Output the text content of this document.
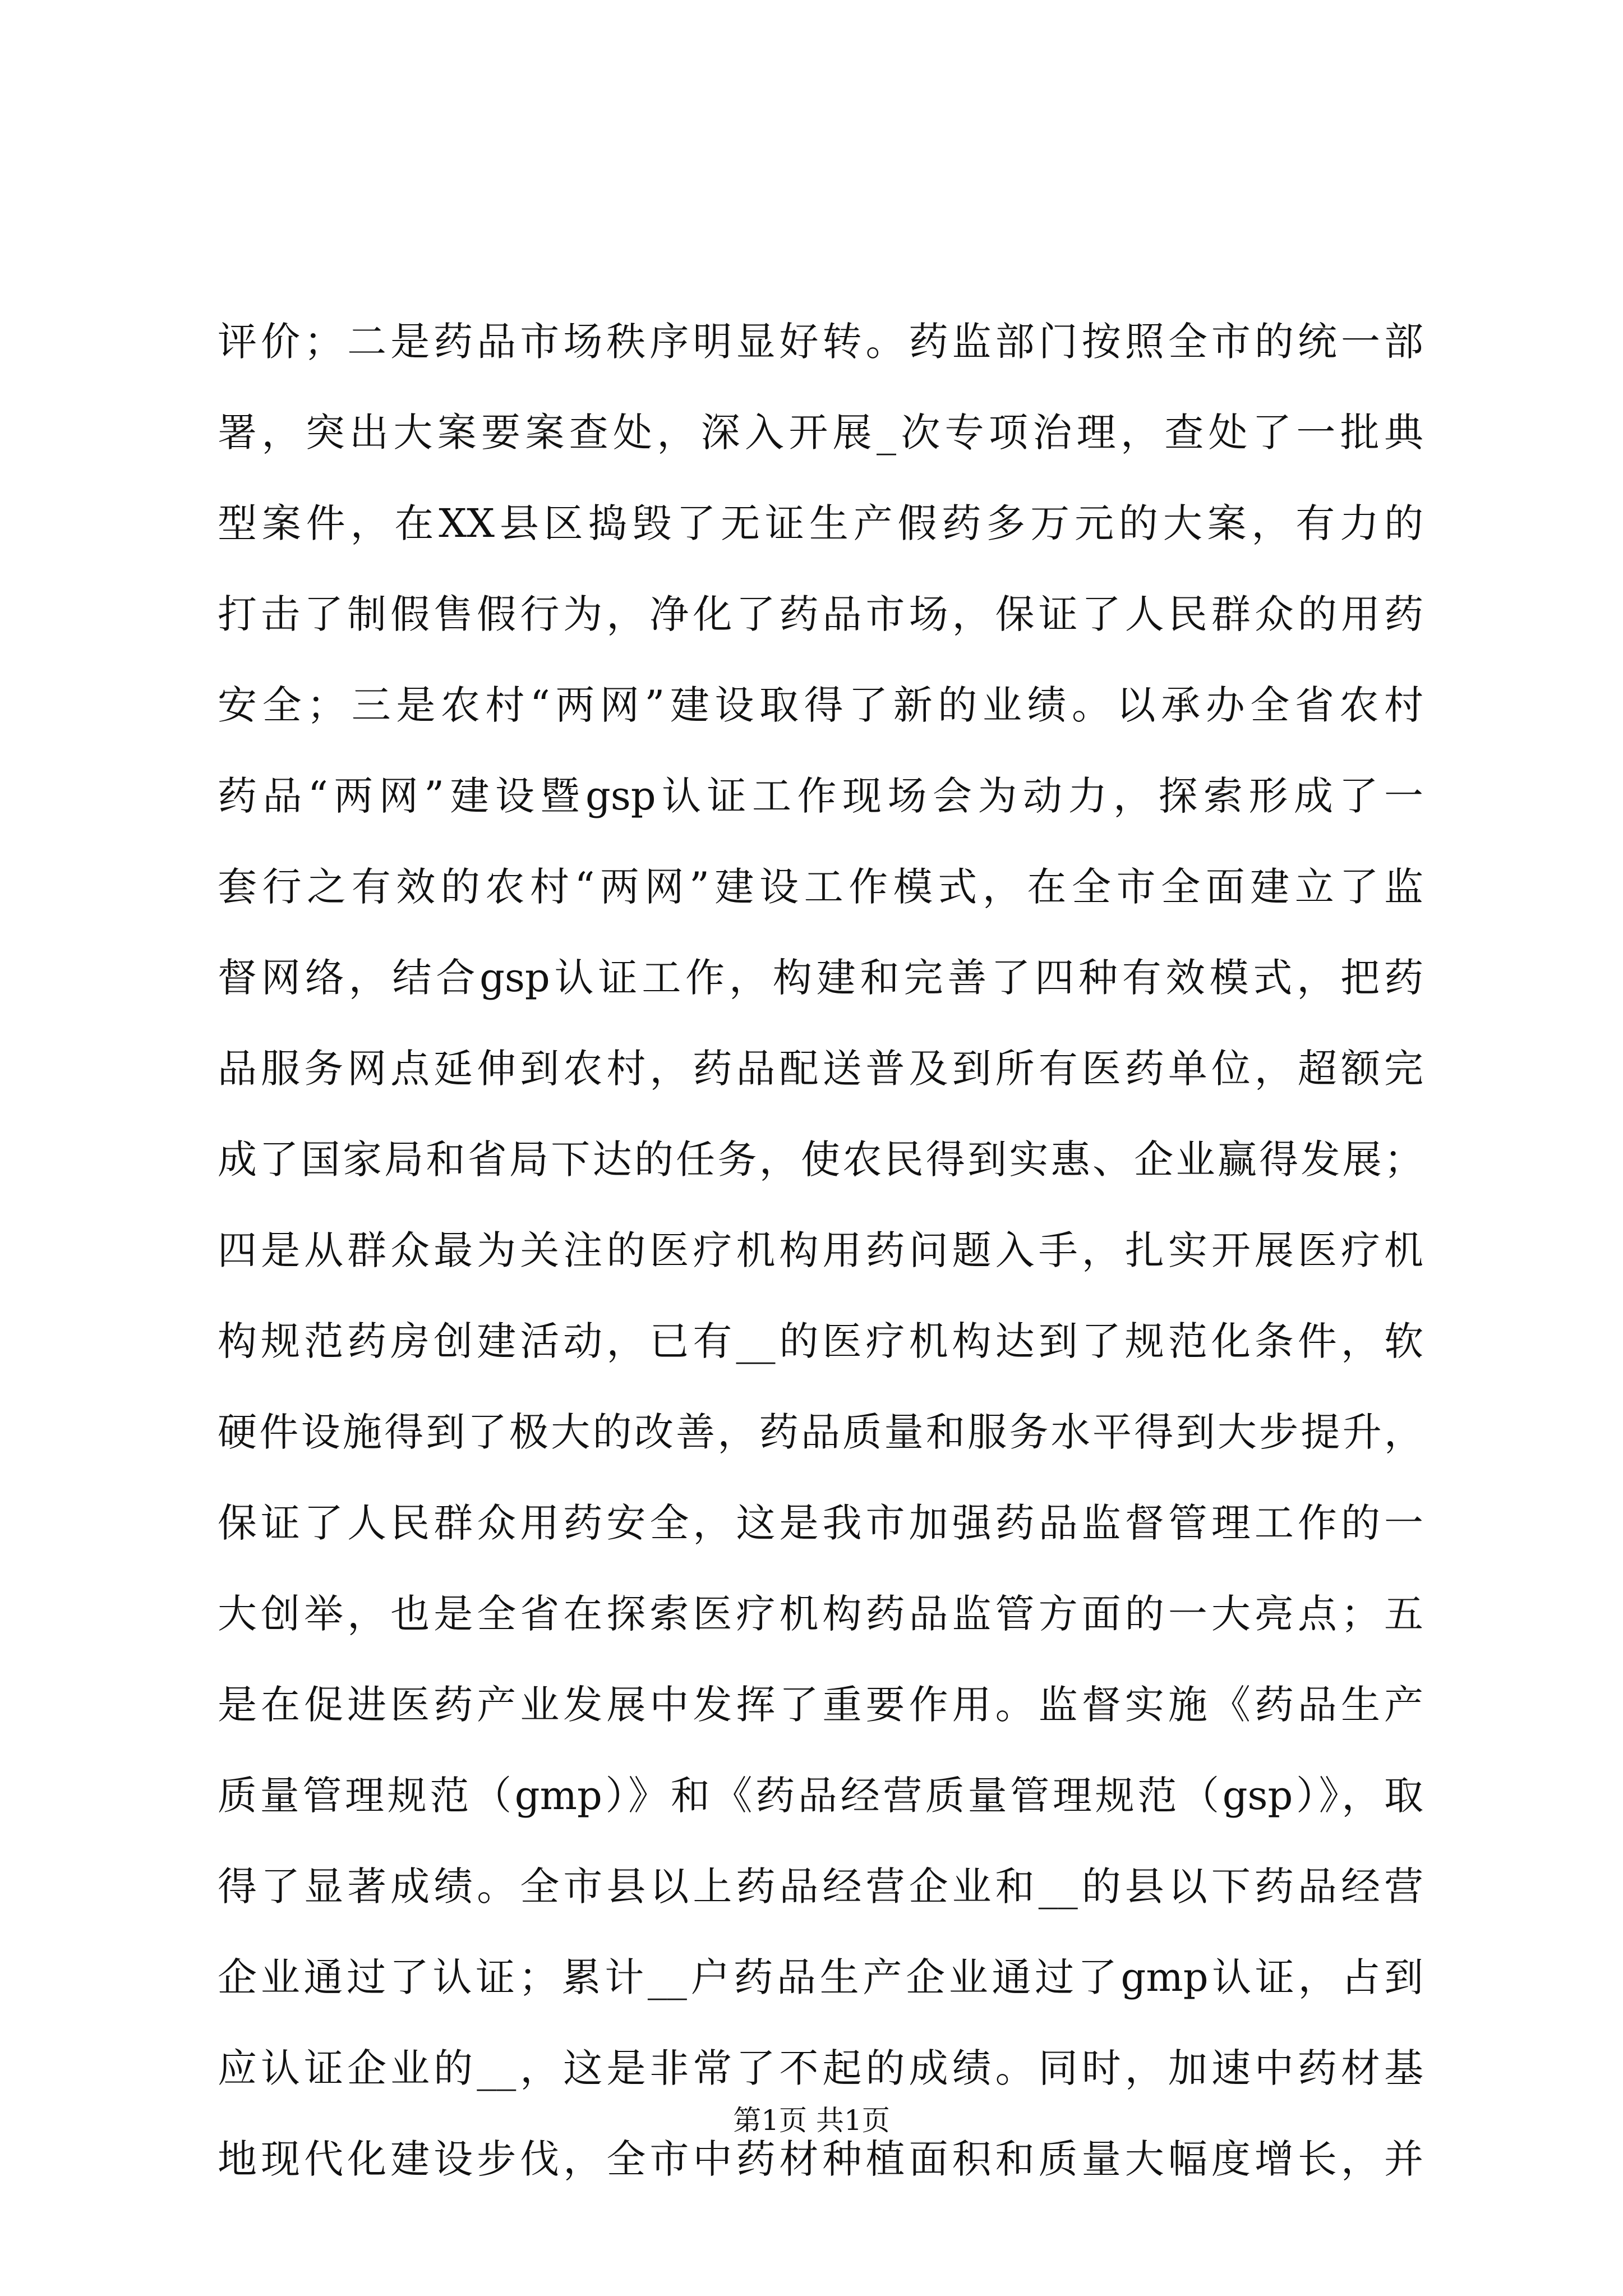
评价；二是药品市场秩序明显好转。药监部门按照全市的统一部
署，突出大案要案查处，深入开展_次专项治理，查处了一批典
型案件，在XX县区捣毁了无证生产假药多万元的大案，有力的
打击了制假售假行为，净化了药品市场，保证了人民群众的用药
安全；三是农村“两网”建设取得了新的业绩。以承办全省农村
药品“两网”建设暨gsp认证工作现场会为动力，探索形成了一
套行之有效的农村“两网”建设工作模式，在全市全面建立了监
督网络，结合gsp认证工作，构建和完善了四种有效模式，把药
品服务网点延伸到农村，药品配送普及到所有医药单位，超额完
成了国家局和省局下达的任务，使农民得到实惠、企业赢得发展；
四是从群众最为关注的医疗机构用药问题入手，扎实开展医疗机
构规范药房创建活动，已有__的医疗机构达到了规范化条件，软
硬件设施得到了极大的改善，药品质量和服务水平得到大步提升，
保证了人民群众用药安全，这是我市加强药品监督管理工作的一
大创举，也是全省在探索医疗机构药品监管方面的一大亮点；五
是在促进医药产业发展中发挥了重要作用。监督实施《药品生产
质量管理规范（gmp）》和《药品经营质量管理规范（gsp）》，取
得了显著成绩。全市县以上药品经营企业和__的县以下药品经营
企业通过了认证；累计__户药品生产企业通过了gmp认证，占到
应认证企业的__，这是非常了不起的成绩。同时，加速中药材基
地现代化建设步伐，全市中药材种植面积和质量大幅度增长，并
第1页 共1页
